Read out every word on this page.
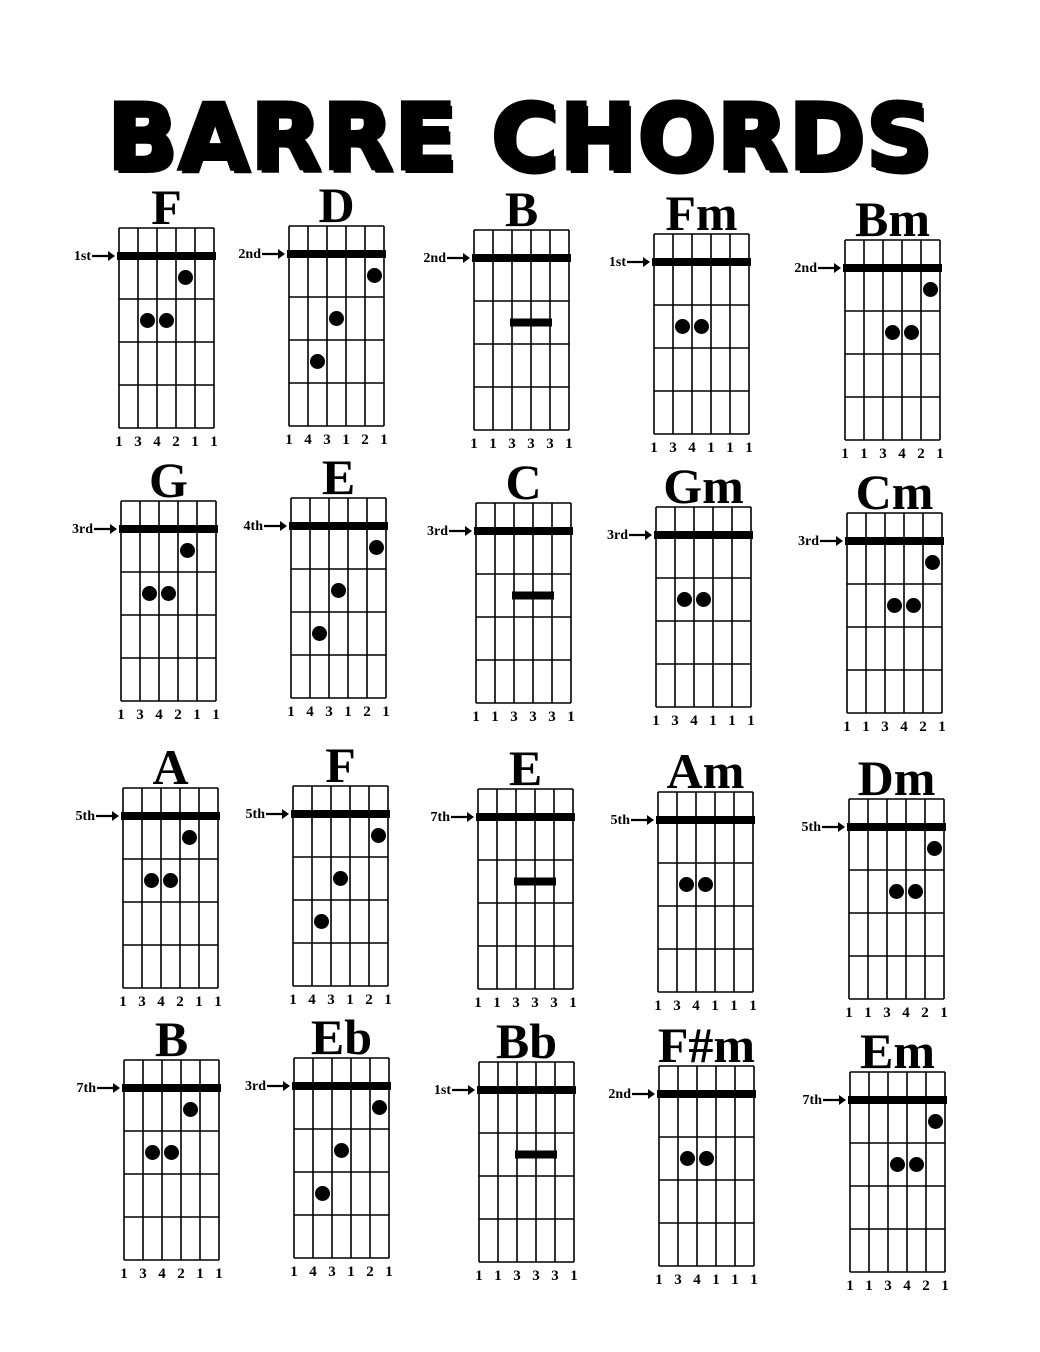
BARRE CHORDS
F
1st
1 3 4 2 1 1
D
2nd
1 4 3 1 2 1
B
2nd
1 1 3 3 3 1
Fm
1st
1 3 4 1 1 1
Bm
2nd
1 1 3 4 2 1
G
3rd
1 3 4 2 1 1
E
4th
1 4 3 1 2 1
C
3rd
1 1 3 3 3 1
Gm
3rd
1 3 4 1 1 1
Cm
3rd
1 1 3 4 2 1
A
5th
1 3 4 2 1 1
F
5th
1 4 3 1 2 1
E
7th
1 1 3 3 3 1
Am
5th
1 3 4 1 1 1
Dm
5th
1 1 3 4 2 1
B
7th
1 3 4 2 1 1
Eb
3rd
1 4 3 1 2 1
Bb
1st
1 1 3 3 3 1
F#m
2nd
1 3 4 1 1 1
Em
7th
1 1 3 4 2 1
